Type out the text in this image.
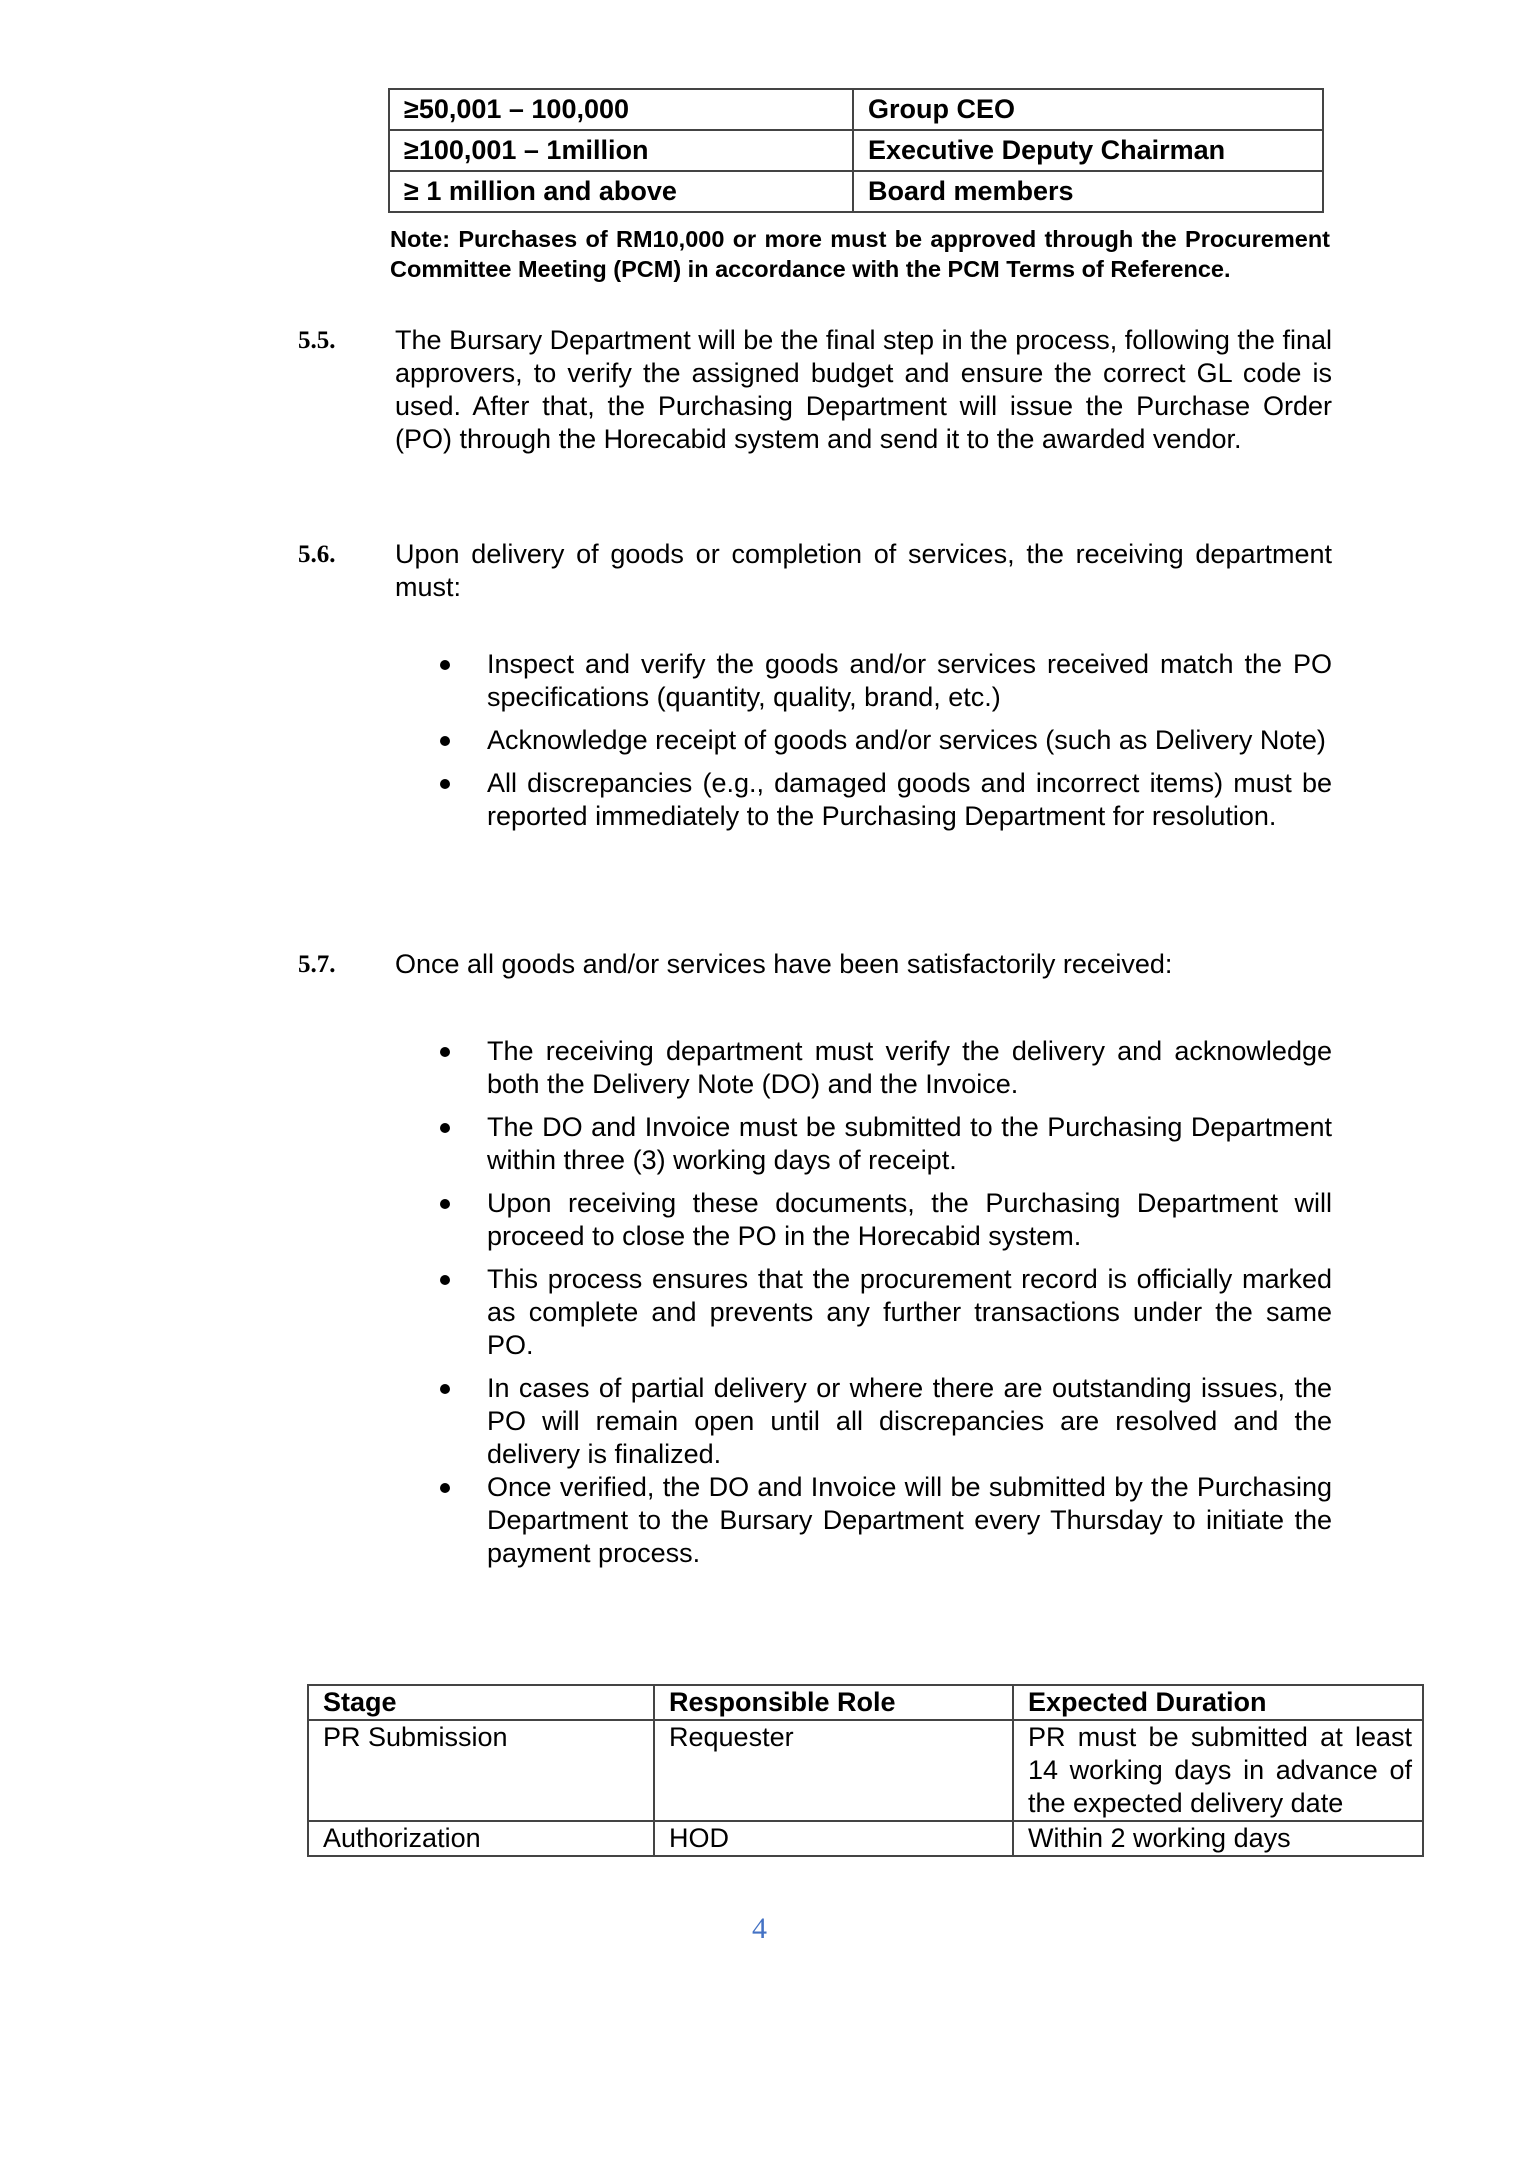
≥50,001 – 100,000	Group CEO
≥100,001 – 1million	Executive Deputy Chairman
≥ 1 million and above	Board members
Note: Purchases of RM10,000 or more must be approved through the Procurement Committee Meeting (PCM) in accordance with the PCM Terms of Reference.
5.5. The Bursary Department will be the final step in the process, following the final approvers, to verify the assigned budget and ensure the correct GL code is used. After that, the Purchasing Department will issue the Purchase Order (PO) through the Horecabid system and send it to the awarded vendor.
5.6. Upon delivery of goods or completion of services, the receiving department must:
Inspect and verify the goods and/or services received match the PO specifications (quantity, quality, brand, etc.)
Acknowledge receipt of goods and/or services (such as Delivery Note)
All discrepancies (e.g., damaged goods and incorrect items) must be reported immediately to the Purchasing Department for resolution.
5.7. Once all goods and/or services have been satisfactorily received:
The receiving department must verify the delivery and acknowledge both the Delivery Note (DO) and the Invoice.
The DO and Invoice must be submitted to the Purchasing Department within three (3) working days of receipt.
Upon receiving these documents, the Purchasing Department will proceed to close the PO in the Horecabid system.
This process ensures that the procurement record is officially marked as complete and prevents any further transactions under the same PO.
In cases of partial delivery or where there are outstanding issues, the PO will remain open until all discrepancies are resolved and the delivery is finalized.
Once verified, the DO and Invoice will be submitted by the Purchasing Department to the Bursary Department every Thursday to initiate the payment process.
Stage	Responsible Role	Expected Duration
PR Submission	Requester	PR must be submitted at least 14 working days in advance of the expected delivery date
Authorization	HOD	Within 2 working days
4
